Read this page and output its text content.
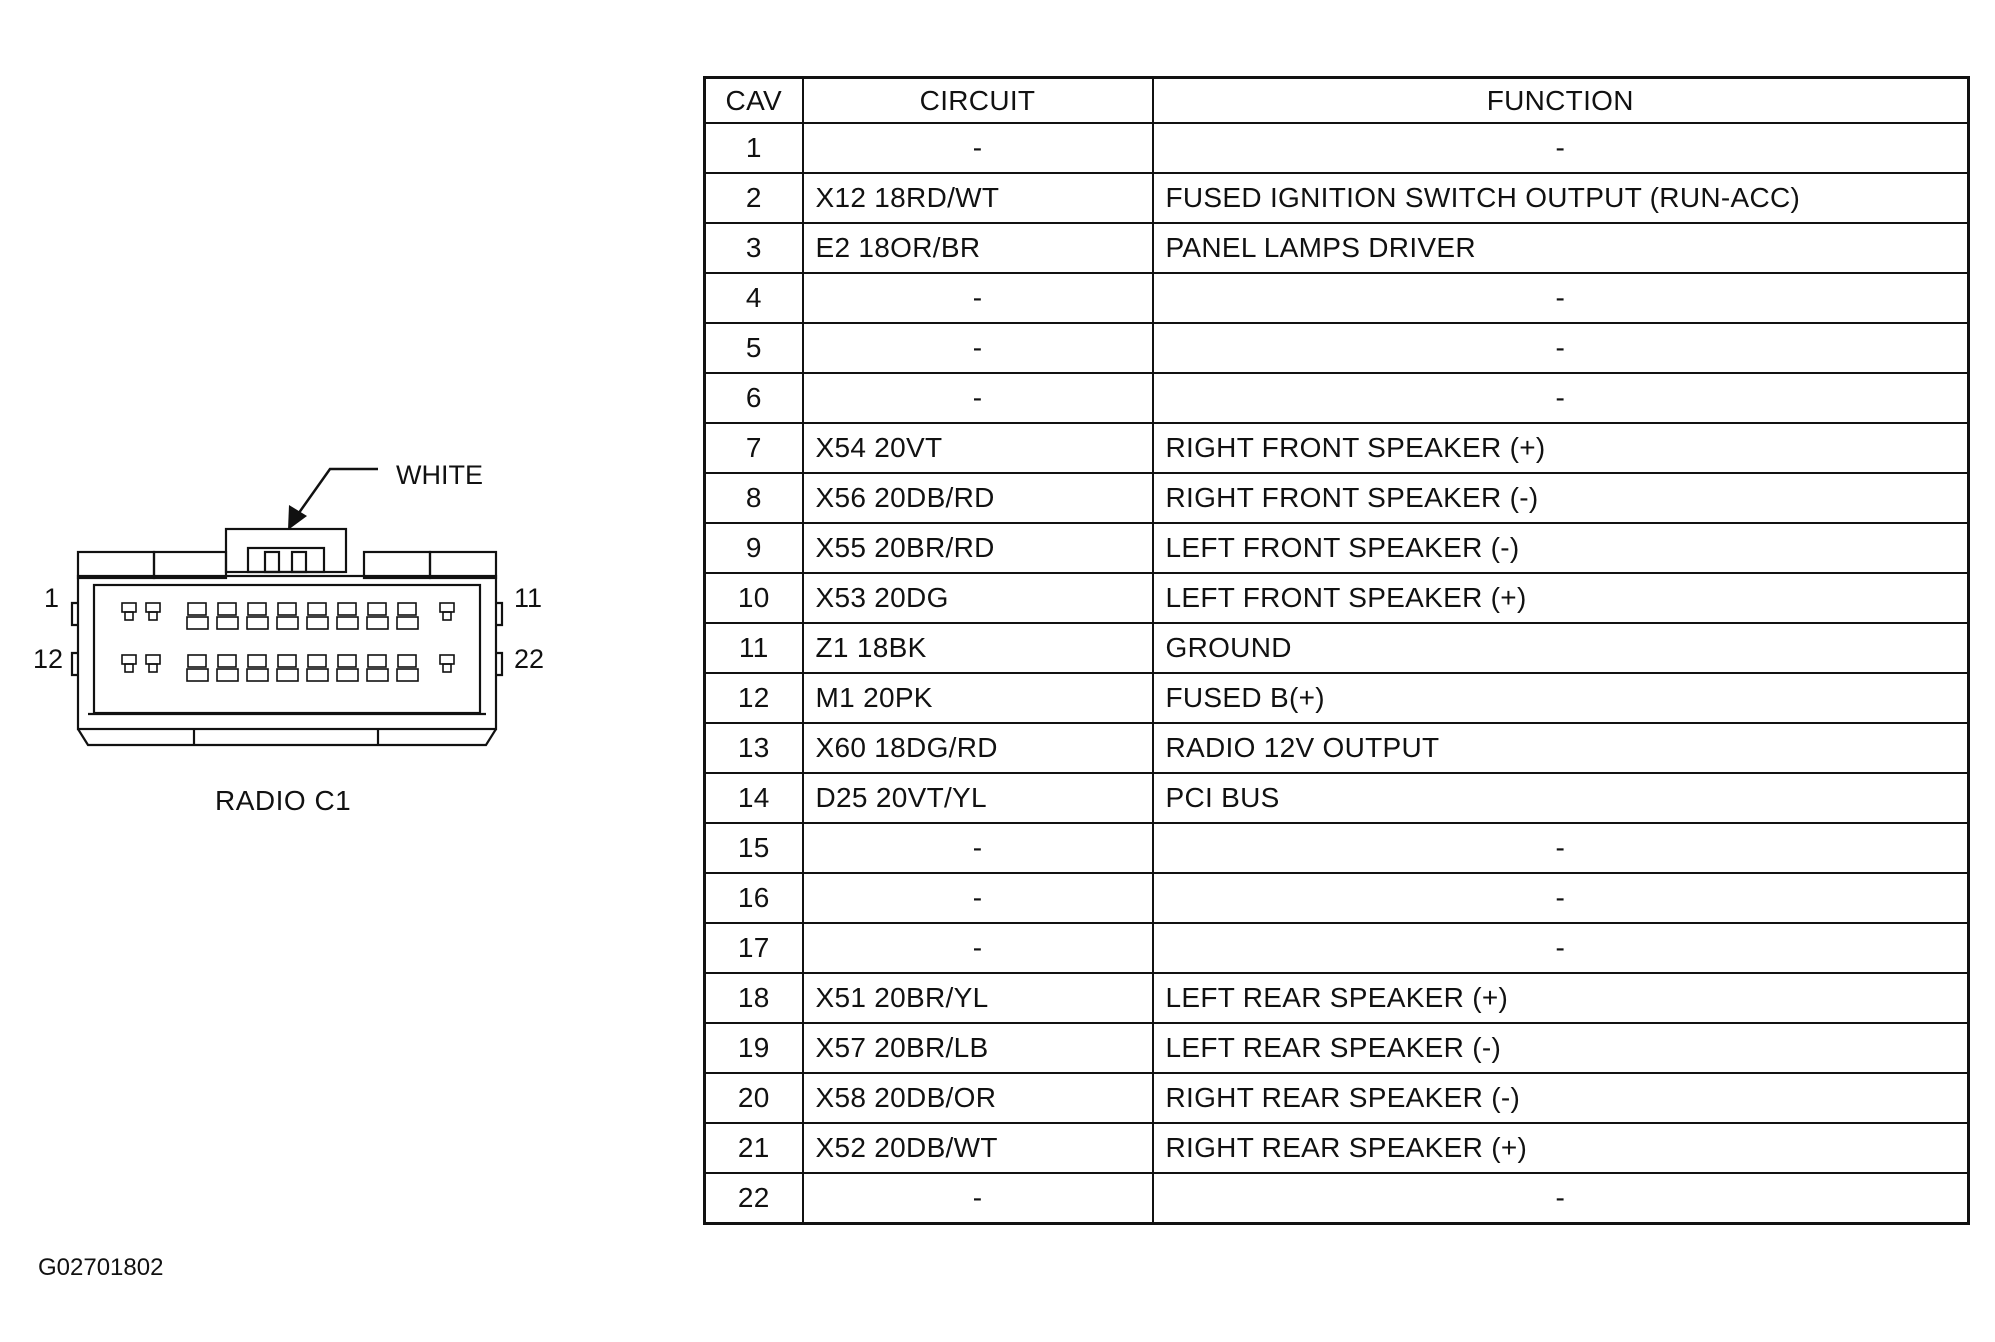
WHITE
1	11
12	22
RADIO C1
G02701802
CAV	CIRCUIT	FUNCTION
1	-	-
2	X12 18RD/WT	FUSED IGNITION SWITCH OUTPUT (RUN-ACC)
3	E2 18OR/BR	PANEL LAMPS DRIVER
4	-	-
5	-	-
6	-	-
7	X54 20VT	RIGHT FRONT SPEAKER (+)
8	X56 20DB/RD	RIGHT FRONT SPEAKER (-)
9	X55 20BR/RD	LEFT FRONT SPEAKER (-)
10	X53 20DG	LEFT FRONT SPEAKER (+)
11	Z1 18BK	GROUND
12	M1 20PK	FUSED B(+)
13	X60 18DG/RD	RADIO 12V OUTPUT
14	D25 20VT/YL	PCI BUS
15	-	-
16	-	-
17	-	-
18	X51 20BR/YL	LEFT REAR SPEAKER (+)
19	X57 20BR/LB	LEFT REAR SPEAKER (-)
20	X58 20DB/OR	RIGHT REAR SPEAKER (-)
21	X52 20DB/WT	RIGHT REAR SPEAKER (+)
22	-	-
